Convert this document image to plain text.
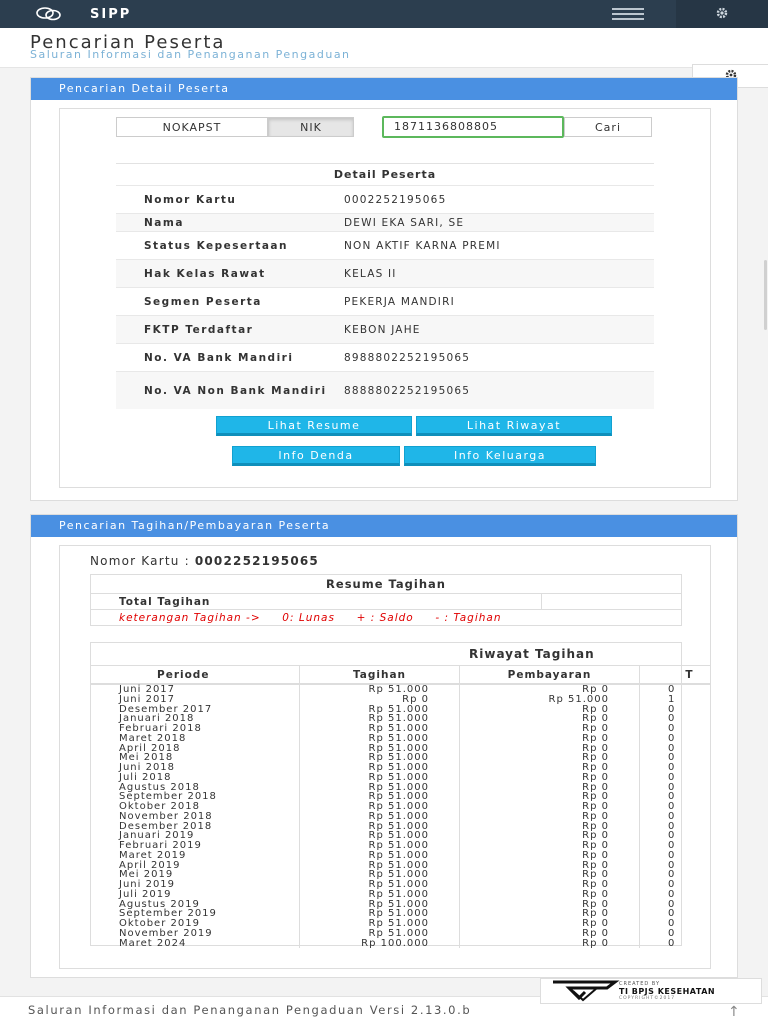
SIPP
Pencarian Peserta
Saluran Informasi dan Penanganan Pengaduan
Pencarian Detail Peserta
NOKAPST	NIK	1871136808805	Cari
Detail Peserta
Nomor Kartu	0002252195065
Nama	DEWI EKA SARI, SE
Status Kepesertaan	NON AKTIF KARNA PREMI
Hak Kelas Rawat	KELAS II
Segmen Peserta	PEKERJA MANDIRI
FKTP Terdaftar	KEBON JAHE
No. VA Bank Mandiri	8988802252195065
No. VA Non Bank Mandiri	8888802252195065
Lihat Resume	Lihat Riwayat
Info Denda	Info Keluarga
Pencarian Tagihan/Pembayaran Peserta
Nomor Kartu : 0002252195065
Resume Tagihan
Total Tagihan
keterangan Tagihan ->     0: Lunas     + : Saldo     - : Tagihan
Riwayat Tagihan
Periode	Tagihan	Pembayaran	T
Juni 2017	Rp 51.000	Rp 0	0
Juni 2017	Rp 0	Rp 51.000	1
Desember 2017	Rp 51.000	Rp 0	0
Januari 2018	Rp 51.000	Rp 0	0
Februari 2018	Rp 51.000	Rp 0	0
Maret 2018	Rp 51.000	Rp 0	0
April 2018	Rp 51.000	Rp 0	0
Mei 2018	Rp 51.000	Rp 0	0
Juni 2018	Rp 51.000	Rp 0	0
Juli 2018	Rp 51.000	Rp 0	0
Agustus 2018	Rp 51.000	Rp 0	0
September 2018	Rp 51.000	Rp 0	0
Oktober 2018	Rp 51.000	Rp 0	0
November 2018	Rp 51.000	Rp 0	0
Desember 2018	Rp 51.000	Rp 0	0
Januari 2019	Rp 51.000	Rp 0	0
Februari 2019	Rp 51.000	Rp 0	0
Maret 2019	Rp 51.000	Rp 0	0
April 2019	Rp 51.000	Rp 0	0
Mei 2019	Rp 51.000	Rp 0	0
Juni 2019	Rp 51.000	Rp 0	0
Juli 2019	Rp 51.000	Rp 0	0
Agustus 2019	Rp 51.000	Rp 0	0
September 2019	Rp 51.000	Rp 0	0
Oktober 2019	Rp 51.000	Rp 0	0
November 2019	Rp 51.000	Rp 0	0
Maret 2024	Rp 100.000	Rp 0	0
Saluran Informasi dan Penanganan Pengaduan Versi 2.13.0.b
CREATED BY
TI BPJS KESEHATAN
COPYRIGHT©2017
↑
